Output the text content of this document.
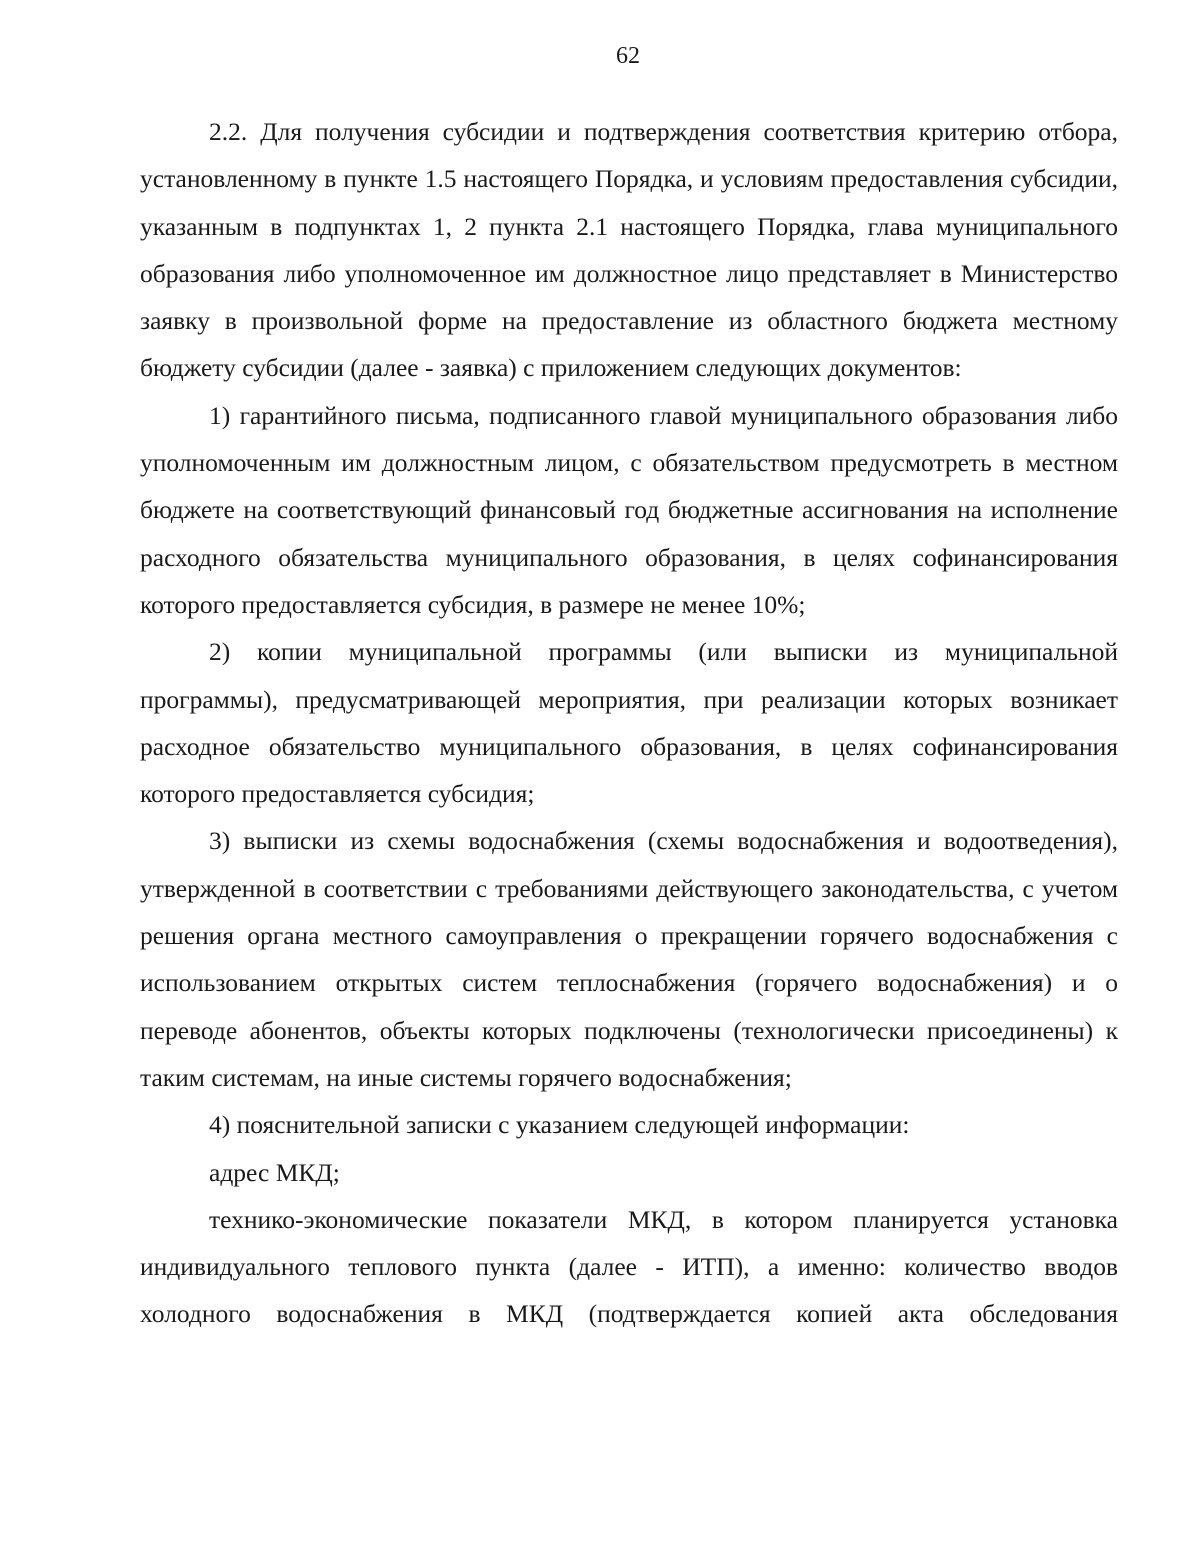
62

2.2. Для получения субсидии и подтверждения соответствия критерию отбора, установленному в пункте 1.5 настоящего Порядка, и условиям предоставления субсидии, указанным в подпунктах 1, 2 пункта 2.1 настоящего Порядка, глава муниципального образования либо уполномоченное им должностное лицо представляет в Министерство заявку в произвольной форме на предоставление из областного бюджета местному бюджету субсидии (далее - заявка) с приложением следующих документов:

1) гарантийного письма, подписанного главой муниципального образования либо уполномоченным им должностным лицом, с обязательством предусмотреть в местном бюджете на соответствующий финансовый год бюджетные ассигнования на исполнение расходного обязательства муниципального образования, в целях софинансирования которого предоставляется субсидия, в размере не менее 10%;

2) копии муниципальной программы (или выписки из муниципальной программы), предусматривающей мероприятия, при реализации которых возникает расходное обязательство муниципального образования, в целях софинансирования которого предоставляется субсидия;

3) выписки из схемы водоснабжения (схемы водоснабжения и водоотведения), утвержденной в соответствии с требованиями действующего законодательства, с учетом решения органа местного самоуправления о прекращении горячего водоснабжения с использованием открытых систем теплоснабжения (горячего водоснабжения) и о переводе абонентов, объекты которых подключены (технологически присоединены) к таким системам, на иные системы горячего водоснабжения;

4) пояснительной записки с указанием следующей информации:

адрес МКД;

технико-экономические показатели МКД, в котором планируется установка индивидуального теплового пункта (далее - ИТП), а именно: количество вводов холодного водоснабжения в МКД (подтверждается копией акта обследования
